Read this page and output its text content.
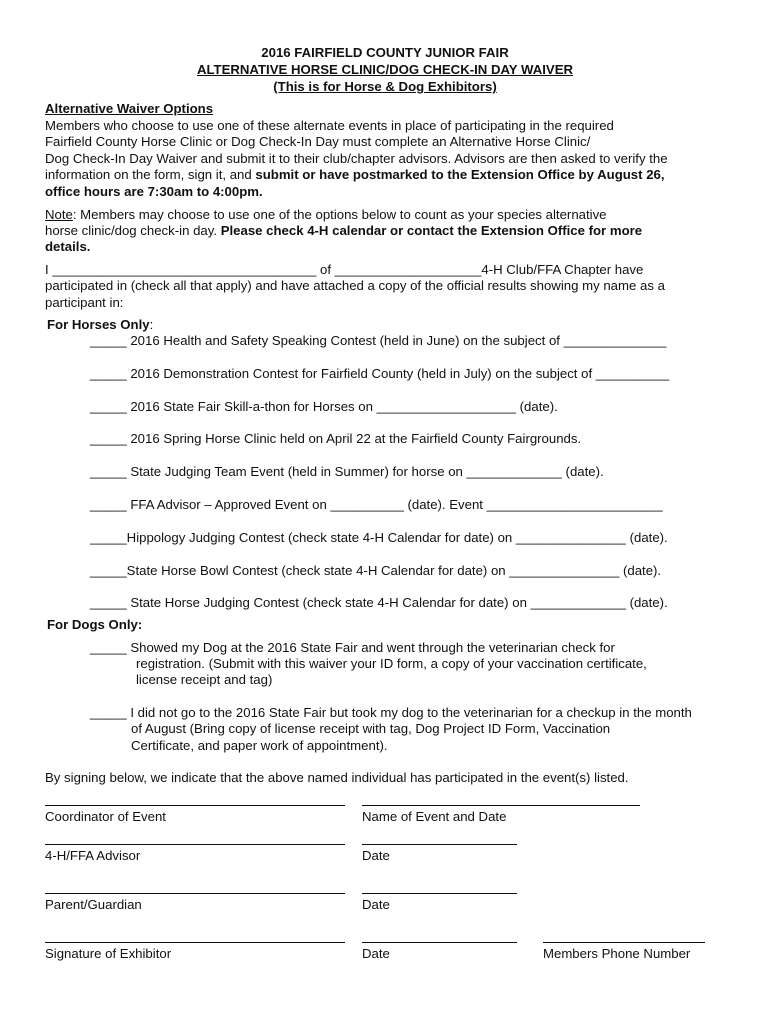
2016 FAIRFIELD COUNTY JUNIOR FAIR
ALTERNATIVE HORSE CLINIC/DOG CHECK-IN DAY WAIVER
(This is for Horse & Dog Exhibitors)
Alternative Waiver Options
Members who choose to use one of these alternate events in place of participating in the required
Fairfield County Horse Clinic or Dog Check-In Day must complete an Alternative Horse Clinic/
Dog Check-In Day Waiver and submit it to their club/chapter advisors. Advisors are then asked to verify the
information on the form, sign it, and submit or have postmarked to the Extension Office by August 26,
office hours are 7:30am to 4:00pm.
Note: Members may choose to use one of the options below to count as your species alternative
horse clinic/dog check-in day. Please check 4-H calendar or contact the Extension Office for more
details.
I ____________________________________ of ____________________4-H Club/FFA Chapter have
participated in (check all that apply) and have attached a copy of the official results showing my name as a
participant in:
For Horses Only:
_____ 2016 Health and Safety Speaking Contest (held in June) on the subject of ______________
_____ 2016 Demonstration Contest for Fairfield County (held in July) on the subject of __________
_____ 2016 State Fair Skill-a-thon for Horses on ___________________ (date).
_____ 2016 Spring Horse Clinic held on April 22 at the Fairfield County Fairgrounds.
_____ State Judging Team Event (held in Summer) for horse on _____________ (date).
_____ FFA Advisor – Approved Event on __________ (date). Event ________________________
_____Hippology Judging Contest (check state 4-H Calendar for date) on _______________ (date).
_____State Horse Bowl Contest (check state 4-H Calendar for date) on _______________ (date).
_____ State Horse Judging Contest (check state 4-H Calendar for date) on _____________ (date).
For Dogs Only:
_____ Showed my Dog at the 2016 State Fair and went through the veterinarian check for
registration. (Submit with this waiver your ID form, a copy of your vaccination certificate,
license receipt and tag)
_____ I did not go to the 2016 State Fair but took my dog to the veterinarian for a checkup in the month
of August (Bring copy of license receipt with tag, Dog Project ID Form, Vaccination
Certificate, and paper work of appointment).
By signing below, we indicate that the above named individual has participated in the event(s) listed.
Coordinator of Event	Name of Event and Date
4-H/FFA Advisor	Date
Parent/Guardian	Date
Signature of Exhibitor	Date	Members Phone Number
